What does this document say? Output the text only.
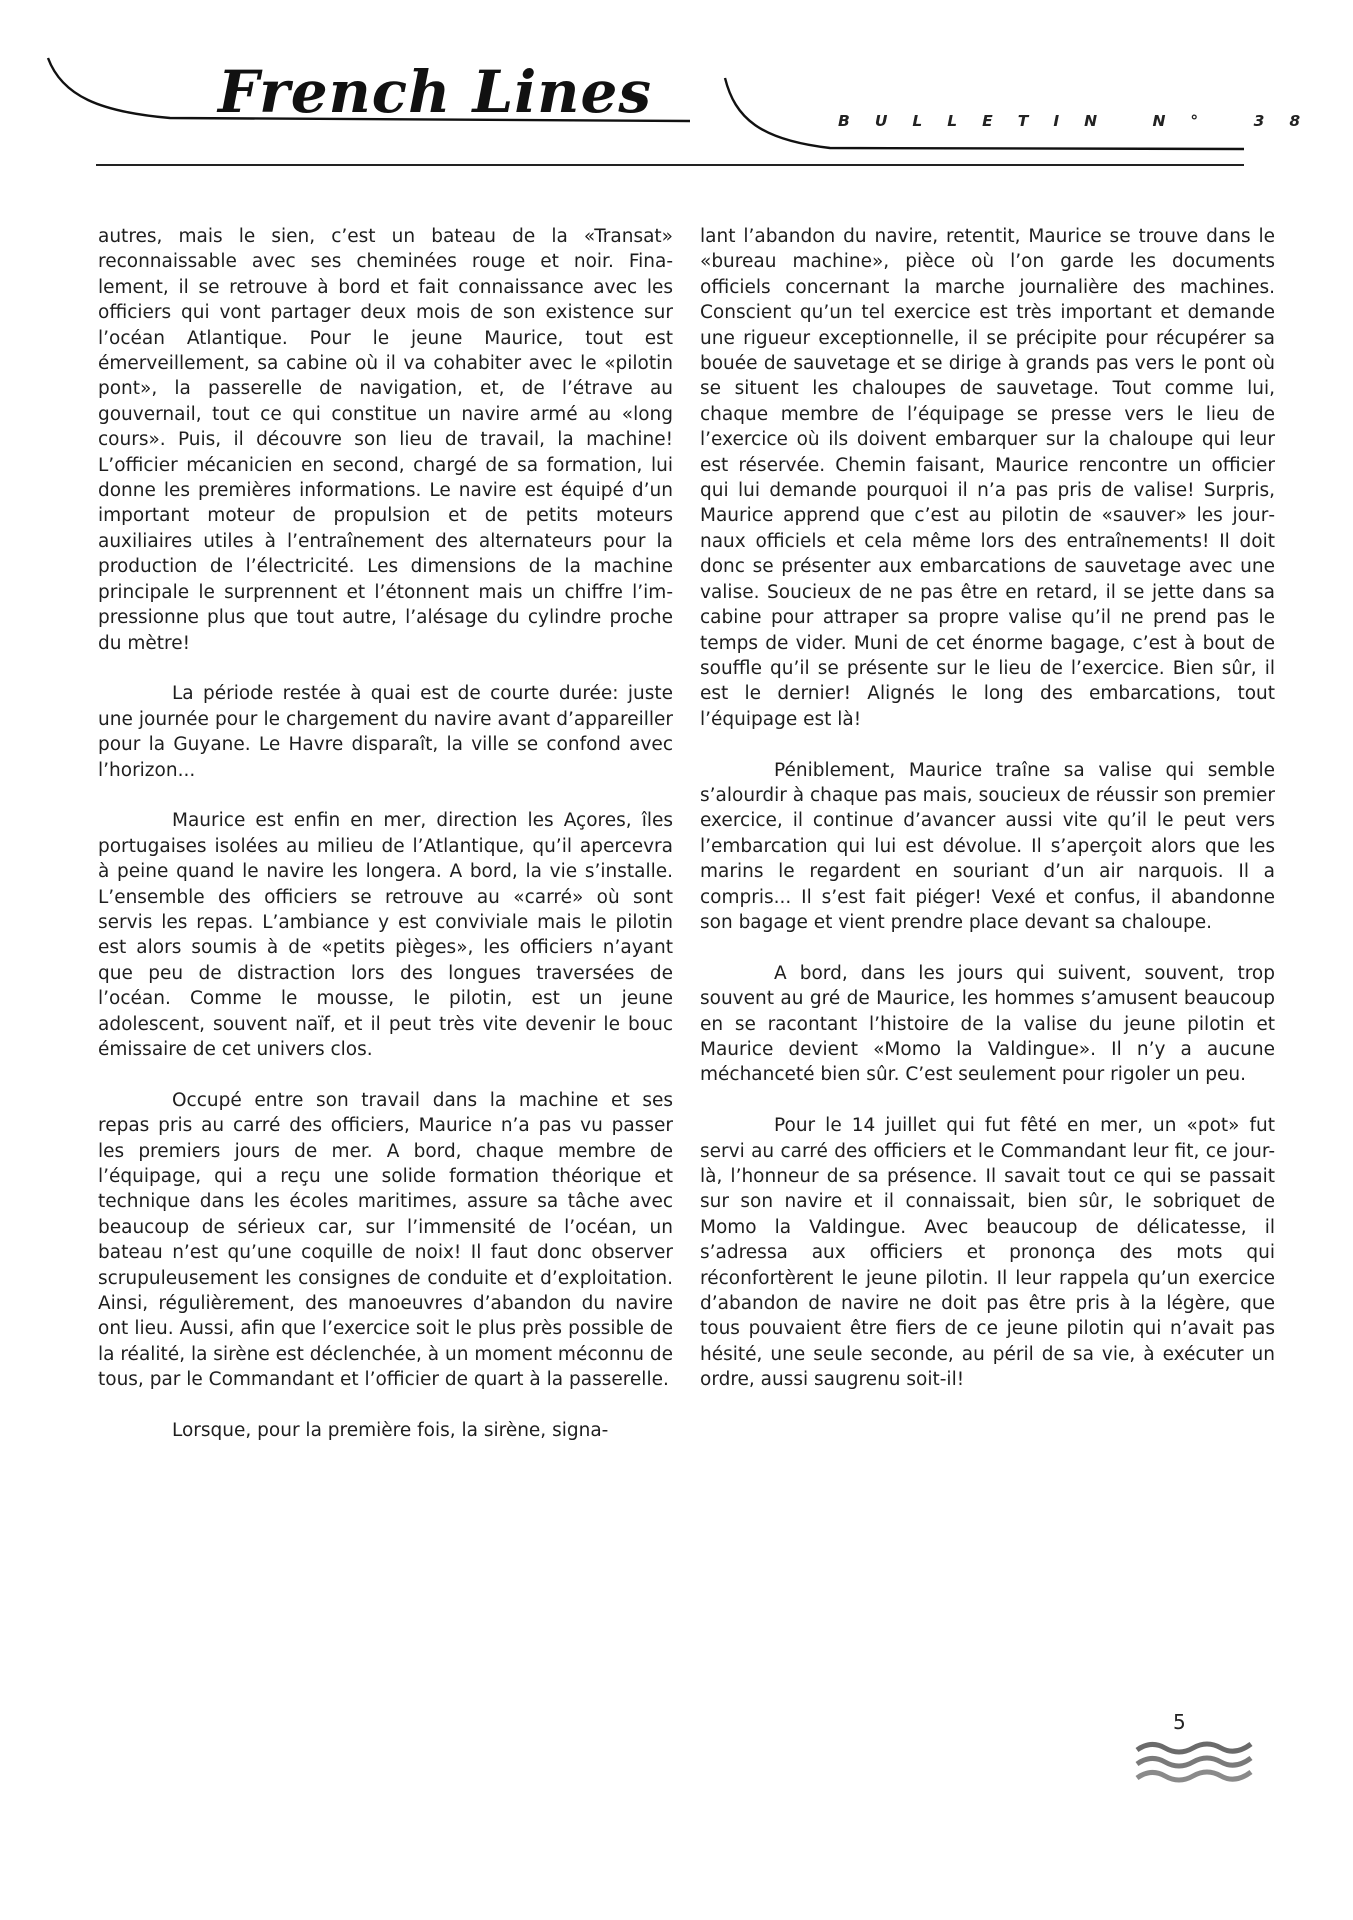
French Lines	BULLETIN N° 38

autres, mais le sien, c’est un bateau de la «Transat» reconnaissable avec ses cheminées rouge et noir. Finalement, il se retrouve à bord et fait connaissance avec les officiers qui vont partager deux mois de son existence sur l’océan Atlantique. Pour le jeune Maurice, tout est émerveillement, sa cabine où il va cohabiter avec le «pilotin pont», la passerelle de navigation, et, de l’étrave au gouvernail, tout ce qui constitue un navire armé au «long cours». Puis, il découvre son lieu de travail, la machine! L’officier mécanicien en second, chargé de sa formation, lui donne les premières informations. Le navire est équipé d’un important moteur de propulsion et de petits moteurs auxiliaires utiles à l’entraînement des alternateurs pour la production de l’électricité. Les dimensions de la machine principale le surprennent et l’étonnent mais un chiffre l’impressionne plus que tout autre, l’alésage du cylindre proche du mètre!

La période restée à quai est de courte durée: juste une journée pour le chargement du navire avant d’appareiller pour la Guyane. Le Havre disparaît, la ville se confond avec l’horizon...

Maurice est enfin en mer, direction les Açores, îles portugaises isolées au milieu de l’Atlantique, qu’il apercevra à peine quand le navire les longera. A bord, la vie s’installe. L’ensemble des officiers se retrouve au «carré» où sont servis les repas. L’ambiance y est conviviale mais le pilotin est alors soumis à de «petits pièges», les officiers n’ayant que peu de distraction lors des longues traversées de l’océan. Comme le mousse, le pilotin, est un jeune adolescent, souvent naïf, et il peut très vite devenir le bouc émissaire de cet univers clos.

Occupé entre son travail dans la machine et ses repas pris au carré des officiers, Maurice n’a pas vu passer les premiers jours de mer. A bord, chaque membre de l’équipage, qui a reçu une solide formation théorique et technique dans les écoles maritimes, assure sa tâche avec beaucoup de sérieux car, sur l’immensité de l’océan, un bateau n’est qu’une coquille de noix! Il faut donc observer scrupuleusement les consignes de conduite et d’exploitation. Ainsi, régulièrement, des manoeuvres d’abandon du navire ont lieu. Aussi, afin que l’exercice soit le plus près possible de la réalité, la sirène est déclenchée, à un moment méconnu de tous, par le Commandant et l’officier de quart à la passerelle.

Lorsque, pour la première fois, la sirène, signa-

lant l’abandon du navire, retentit, Maurice se trouve dans le «bureau machine», pièce où l’on garde les documents officiels concernant la marche journalière des machines. Conscient qu’un tel exercice est très important et demande une rigueur exceptionnelle, il se précipite pour récupérer sa bouée de sauvetage et se dirige à grands pas vers le pont où se situent les chaloupes de sauvetage. Tout comme lui, chaque membre de l’équipage se presse vers le lieu de l’exercice où ils doivent embarquer sur la chaloupe qui leur est réservée. Chemin faisant, Maurice rencontre un officier qui lui demande pourquoi il n’a pas pris de valise! Surpris, Maurice apprend que c’est au pilotin de «sauver» les journaux officiels et cela même lors des entraînements! Il doit donc se présenter aux embarcations de sauvetage avec une valise. Soucieux de ne pas être en retard, il se jette dans sa cabine pour attraper sa propre valise qu’il ne prend pas le temps de vider. Muni de cet énorme bagage, c’est à bout de souffle qu’il se présente sur le lieu de l’exercice. Bien sûr, il est le dernier! Alignés le long des embarcations, tout l’équipage est là!

Péniblement, Maurice traîne sa valise qui semble s’alourdir à chaque pas mais, soucieux de réussir son premier exercice, il continue d’avancer aussi vite qu’il le peut vers l’embarcation qui lui est dévolue. Il s’aperçoit alors que les marins le regardent en souriant d’un air narquois. Il a compris... Il s’est fait piéger! Vexé et confus, il abandonne son bagage et vient prendre place devant sa chaloupe.

A bord, dans les jours qui suivent, souvent, trop souvent au gré de Maurice, les hommes s’amusent beaucoup en se racontant l’histoire de la valise du jeune pilotin et Maurice devient «Momo la Valdingue». Il n’y a aucune méchanceté bien sûr. C’est seulement pour rigoler un peu.

Pour le 14 juillet qui fut fêté en mer, un «pot» fut servi au carré des officiers et le Commandant leur fit, ce jour-là, l’honneur de sa présence. Il savait tout ce qui se passait sur son navire et il connaissait, bien sûr, le sobriquet de Momo la Valdingue. Avec beaucoup de délicatesse, il s’adressa aux officiers et prononça des mots qui réconfortèrent le jeune pilotin. Il leur rappela qu’un exercice d’abandon de navire ne doit pas être pris à la légère, que tous pouvaient être fiers de ce jeune pilotin qui n’avait pas hésité, une seule seconde, au péril de sa vie, à exécuter un ordre, aussi saugrenu soit-il!

5
